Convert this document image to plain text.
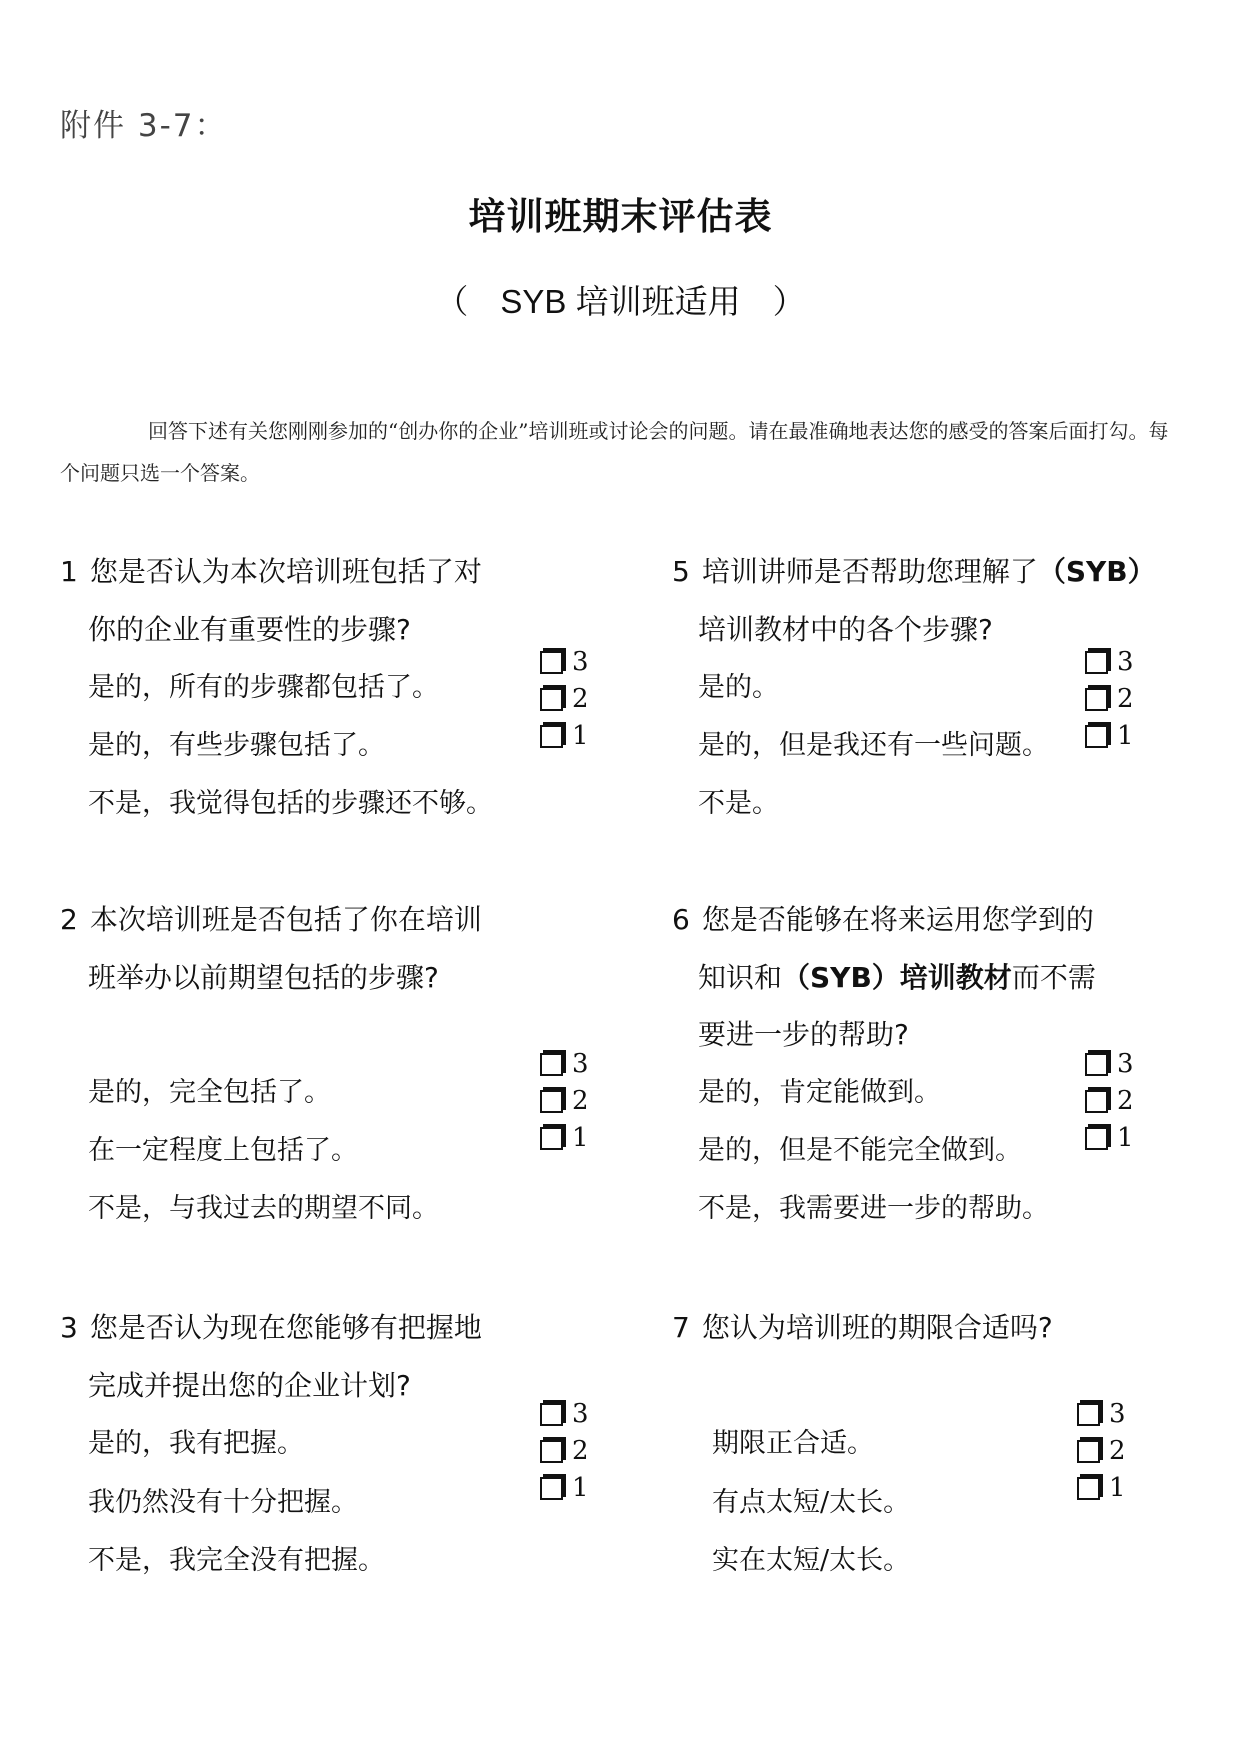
附件 3-7：
培训班期末评估表
（ SYB 培训班适用 ）
回答下述有关您刚刚参加的“创办你的企业”培训班或讨论会的问题。请在最准确地表达您的感受的答案后面打勾。每个问题只选一个答案。
1 您是否认为本次培训班包括了对
你的企业有重要性的步骤?
是的，所有的步骤都包括了。
是的，有些步骤包括了。
不是，我觉得包括的步骤还不够。
3
2
1
2 本次培训班是否包括了你在培训
班举办以前期望包括的步骤?
是的，完全包括了。
在一定程度上包括了。
不是，与我过去的期望不同。
3
2
1
3 您是否认为现在您能够有把握地
完成并提出您的企业计划?
是的，我有把握。
我仍然没有十分把握。
不是，我完全没有把握。
3
2
1
5 培训讲师是否帮助您理解了（SYB）
培训教材中的各个步骤?
是的。
是的，但是我还有一些问题。
不是。
3
2
1
6 您是否能够在将来运用您学到的
知识和（SYB）培训教材而不需
要进一步的帮助?
是的，肯定能做到。
是的，但是不能完全做到。
不是，我需要进一步的帮助。
3
2
1
7 您认为培训班的期限合适吗?
期限正合适。
有点太短/太长。
实在太短/太长。
3
2
1
